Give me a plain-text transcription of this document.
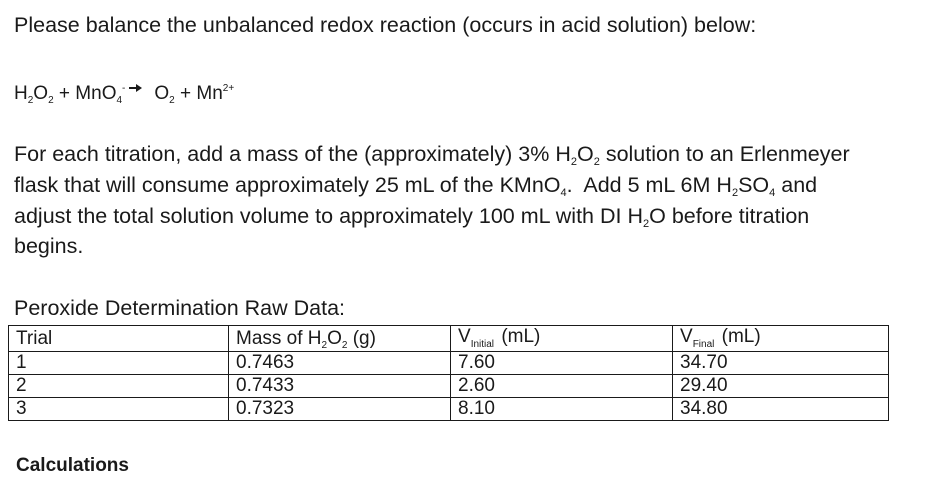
Please balance the unbalanced redox reaction (occurs in acid solution) below:
$H_2O_2 + MnO_4^-$ $O_2 + Mn^{2+}$
For each titration, add a mass of the (approximately) 3% $H_2O_2$ solution to an Erlenmeyer
flask that will consume approximately 25 mL of the KMnO$_4$.  Add 5 mL 6M $H_2SO_4$ and
adjust the total solution volume to approximately 100 mL with DI $H_2O$ before titration
begins.
Peroxide Determination Raw Data:
Trial	Mass of $H_2O_2$ (g)	$V_{Initial}$ (mL)	$V_{Final}$ (mL)
1	0.7463	7.60	34.70
2	0.7433	2.60	29.40
3	0.7323	8.10	34.80
Calculations
